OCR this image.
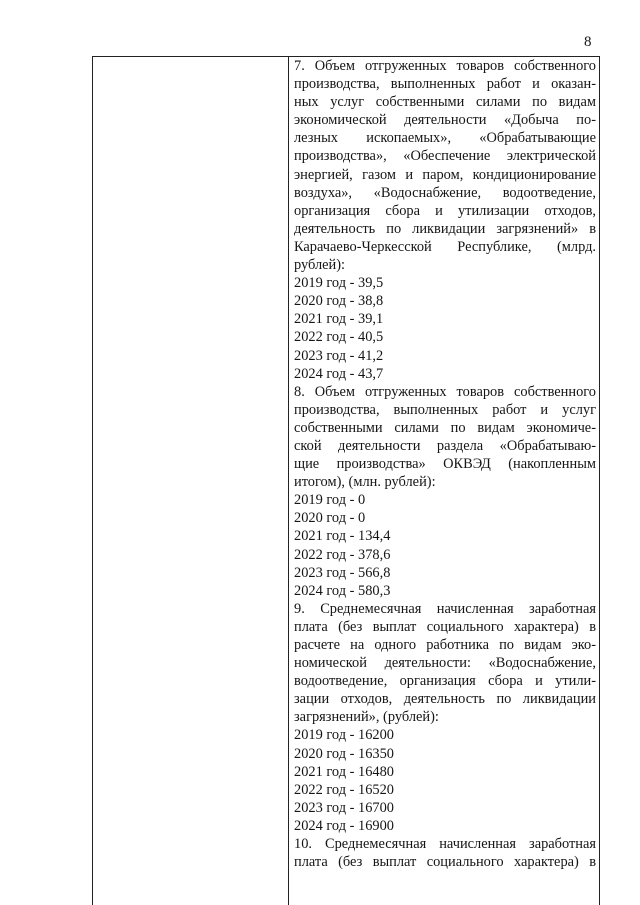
8
7. Объем отгруженных товаров собственного
производства, выполненных работ и оказан-
ных услуг собственными силами по видам
экономической деятельности «Добыча по-
лезных ископаемых», «Обрабатывающие
производства», «Обеспечение электрической
энергией, газом и паром, кондиционирование
воздуха», «Водоснабжение, водоотведение,
организация сбора и утилизации отходов,
деятельность по ликвидации загрязнений» в
Карачаево-Черкесской Республике, (млрд.
рублей):
2019 год - 39,5
2020 год - 38,8
2021 год - 39,1
2022 год - 40,5
2023 год - 41,2
2024 год - 43,7
8. Объем отгруженных товаров собственного
производства, выполненных работ и услуг
собственными силами по видам экономиче-
ской деятельности раздела «Обрабатываю-
щие производства» ОКВЭД (накопленным
итогом), (млн. рублей):
2019 год - 0
2020 год - 0
2021 год - 134,4
2022 год - 378,6
2023 год - 566,8
2024 год - 580,3
9. Среднемесячная начисленная заработная
плата (без выплат социального характера) в
расчете на одного работника по видам эко-
номической деятельности: «Водоснабжение,
водоотведение, организация сбора и утили-
зации отходов, деятельность по ликвидации
загрязнений», (рублей):
2019 год - 16200
2020 год - 16350
2021 год - 16480
2022 год - 16520
2023 год - 16700
2024 год - 16900
10. Среднемесячная начисленная заработная
плата (без выплат социального характера) в
